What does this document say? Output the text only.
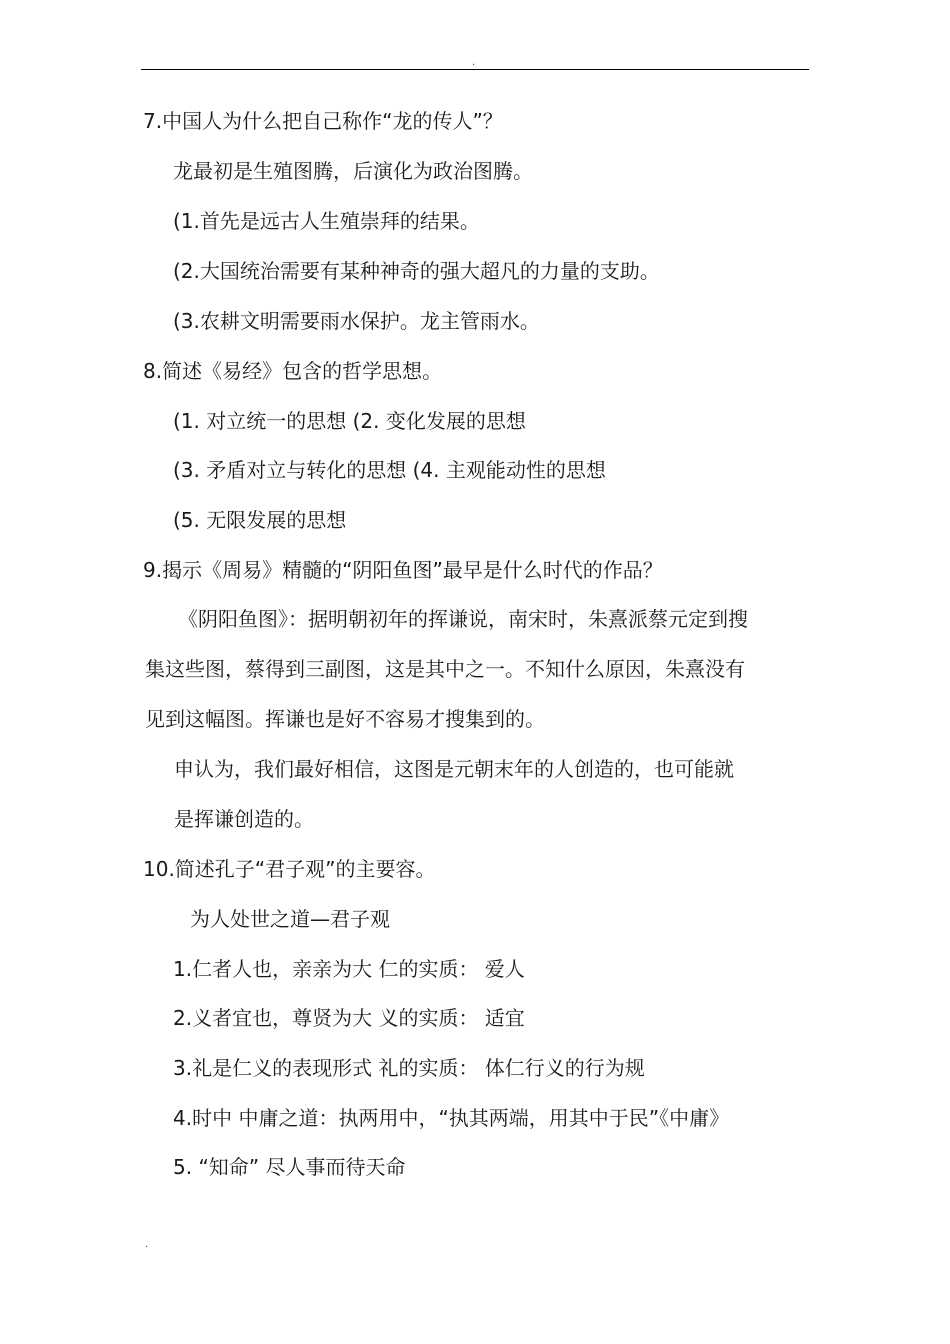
.
7.中国人为什么把自己称作“龙的传人”？
龙最初是生殖图腾，后演化为政治图腾。
(1.首先是远古人生殖崇拜的结果。
(2.大国统治需要有某种神奇的强大超凡的力量的支助。
(3.农耕文明需要雨水保护。龙主管雨水。
8.简述《易经》包含的哲学思想。
(1. 对立统一的思想 (2. 变化发展的思想
(3. 矛盾对立与转化的思想 (4. 主观能动性的思想
(5. 无限发展的思想
9.揭示《周易》精髓的“阴阳鱼图”最早是什么时代的作品？
《阴阳鱼图》：据明朝初年的挥谦说，南宋时，朱熹派蔡元定到搜
集这些图，蔡得到三副图，这是其中之一。不知什么原因，朱熹没有
见到这幅图。挥谦也是好不容易才搜集到的。
申认为，我们最好相信，这图是元朝末年的人创造的，也可能就
是挥谦创造的。
10.简述孔子“君子观”的主要容。
为人处世之道—君子观
1.仁者人也，亲亲为大 仁的实质： 爱人
2.义者宜也，尊贤为大 义的实质： 适宜
3.礼是仁义的表现形式 礼的实质： 体仁行义的行为规
4.时中 中庸之道：执两用中，“执其两端，用其中于民”《中庸》
5. “知命” 尽人事而待天命
.
